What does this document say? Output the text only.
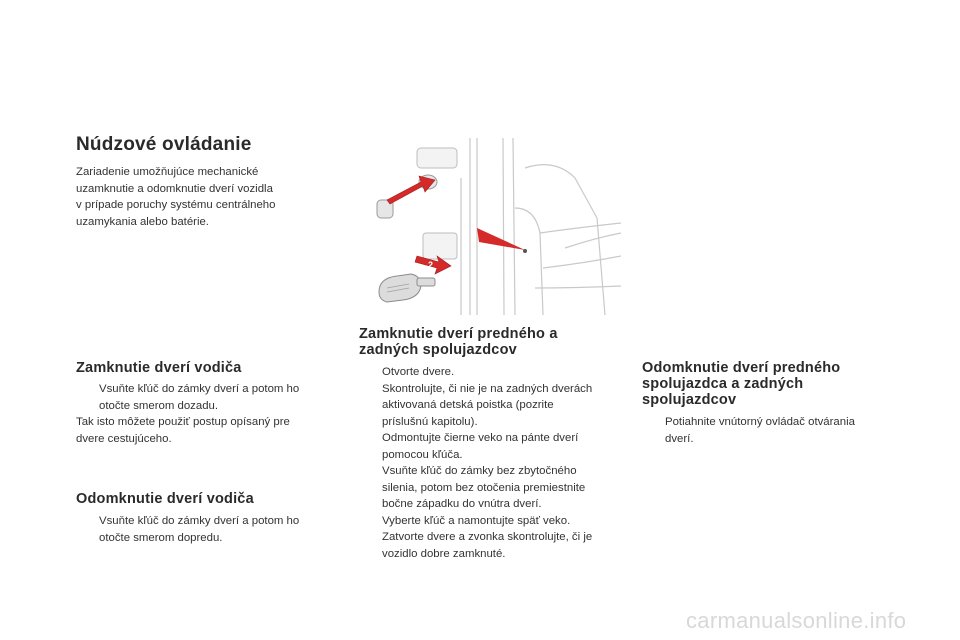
Núdzové ovládanie
Zariadenie umožňujúce mechanické
uzamknutie a odomknutie dverí vozidla
v prípade poruchy systému centrálneho
uzamykania alebo batérie.
1
2
Zamknutie dverí vodiča
Vsuňte kľúč do zámky dverí a potom ho
otočte smerom dozadu.

Tak isto môžete použiť postup opísaný pre
dvere cestujúceho.

Odomknutie dverí vodiča
Vsuňte kľúč do zámky dverí a potom ho
otočte smerom dopredu.
Zamknutie dverí predného a
zadných spolujazdcov
Otvorte dvere.
Skontrolujte, či nie je na zadných dverách
aktivovaná detská poistka (pozrite
príslušnú kapitolu).
Odmontujte čierne veko na pánte dverí
pomocou kľúča.
Vsuňte kľúč do zámky bez zbytočného
silenia, potom bez otočenia premiestnite
bočne západku do vnútra dverí.
Vyberte kľúč a namontujte späť veko.
Zatvorte dvere a zvonka skontrolujte, či je
vozidlo dobre zamknuté.
Odomknutie dverí predného
spolujazdca a zadných
spolujazdcov
Potiahnite vnútorný ovládač otvárania
dverí.
carmanualsonline.info
